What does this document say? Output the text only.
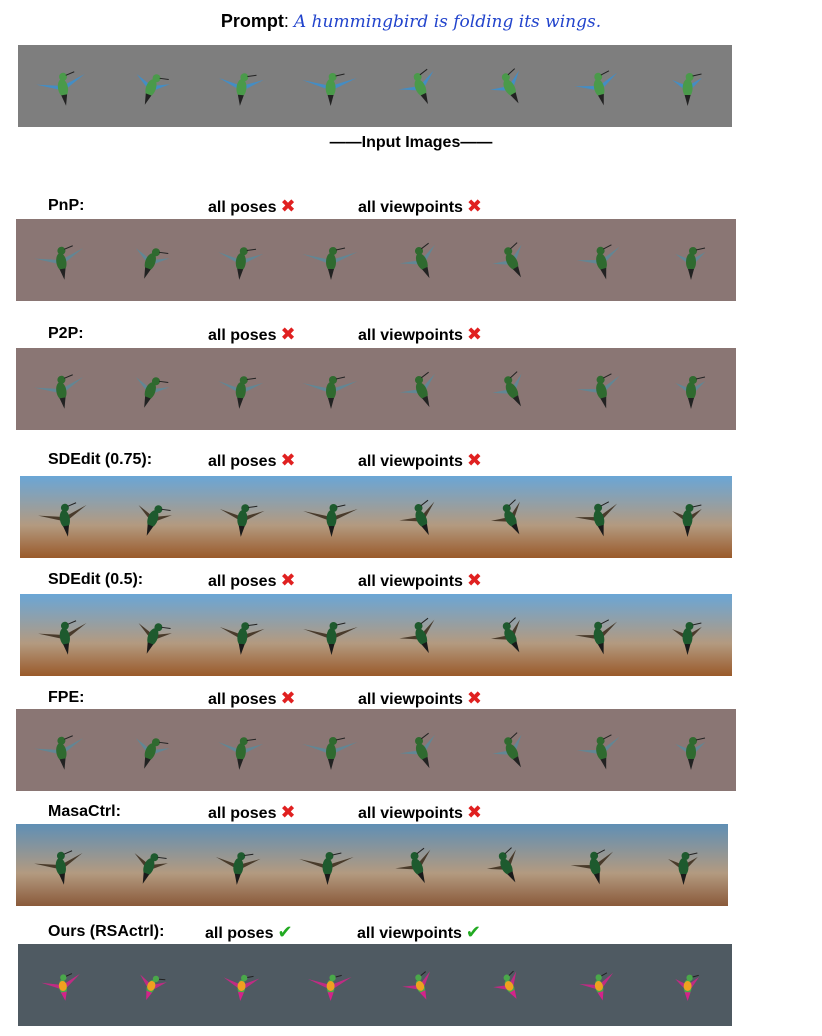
Prompt: A hummingbird is folding its wings.
——Input Images——
PnP:	all poses ✖	all viewpoints ✖
P2P:	all poses ✖	all viewpoints ✖
SDEdit (0.75):	all poses ✖	all viewpoints ✖
SDEdit (0.5):	all poses ✖	all viewpoints ✖
FPE:	all poses ✖	all viewpoints ✖
MasaCtrl:	all poses ✖	all viewpoints ✖
Ours (RSActrl):	all poses ✔	all viewpoints ✔
